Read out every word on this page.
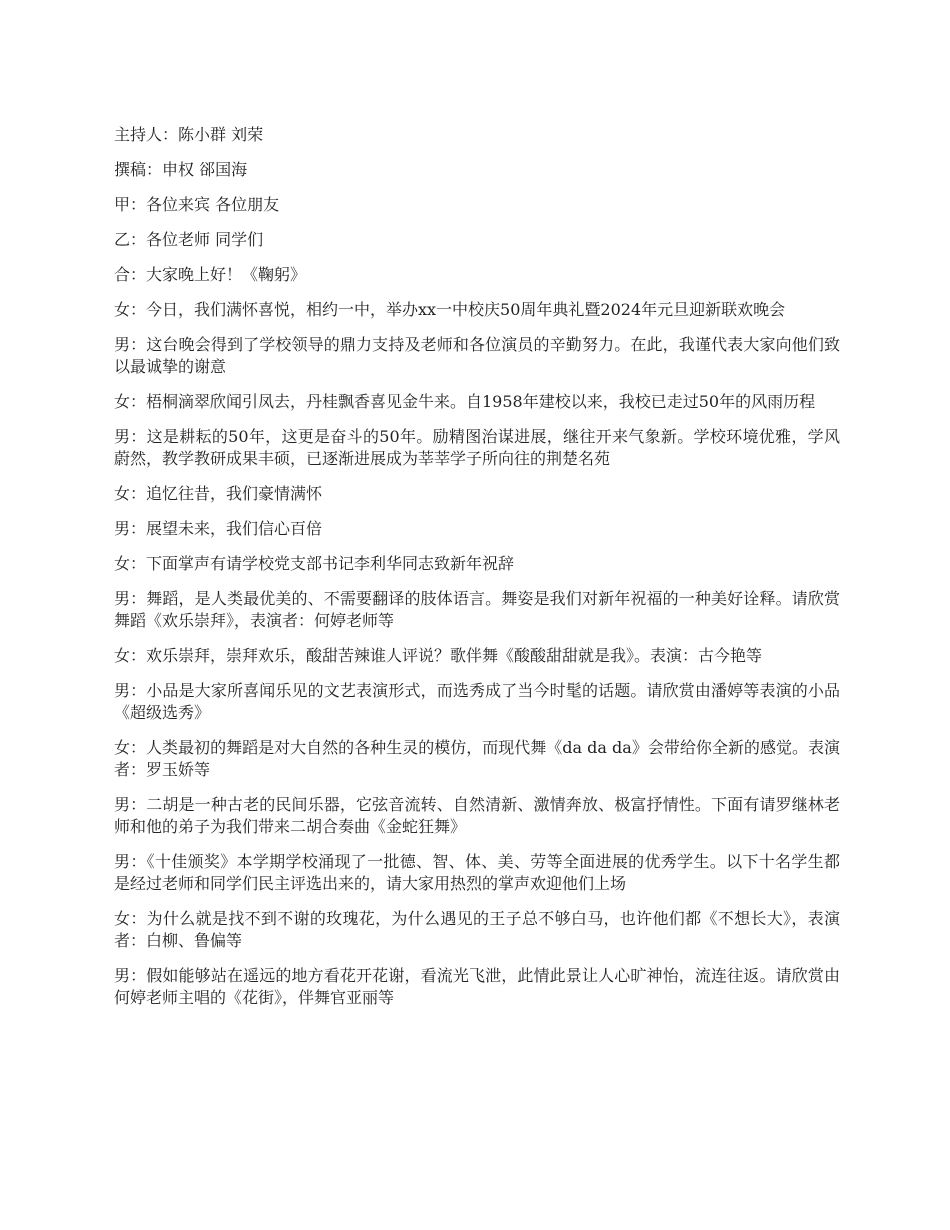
主持人：陈小群 刘荣

撰稿：申权 郤国海

甲：各位来宾 各位朋友

乙：各位老师 同学们

合：大家晚上好！《鞠躬》

女：今日，我们满怀喜悦，相约一中，举办xx一中校庆50周年典礼暨2024年元旦迎新联欢晚会

男：这台晚会得到了学校领导的鼎力支持及老师和各位演员的辛勤努力。在此，我谨代表大家向他们致以最诚挚的谢意

女：梧桐滴翠欣闻引凤去，丹桂飘香喜见金牛来。自1958年建校以来，我校已走过50年的风雨历程

男：这是耕耘的50年，这更是奋斗的50年。励精图治谋进展，继往开来气象新。学校环境优雅，学风蔚然，教学教研成果丰硕，已逐渐进展成为莘莘学子所向往的荆楚名苑

女：追忆往昔，我们豪情满怀

男：展望未来，我们信心百倍

女：下面掌声有请学校党支部书记李利华同志致新年祝辞

男：舞蹈，是人类最优美的、不需要翻译的肢体语言。舞姿是我们对新年祝福的一种美好诠释。请欣赏舞蹈《欢乐崇拜》，表演者：何婷老师等

女：欢乐崇拜，崇拜欢乐，酸甜苦辣谁人评说？歌伴舞《酸酸甜甜就是我》。表演：古今艳等

男：小品是大家所喜闻乐见的文艺表演形式，而选秀成了当今时髦的话题。请欣赏由潘婷等表演的小品《超级选秀》

女：人类最初的舞蹈是对大自然的各种生灵的模仿，而现代舞《da da da》会带给你全新的感觉。表演者：罗玉娇等

男：二胡是一种古老的民间乐器，它弦音流转、自然清新、激情奔放、极富抒情性。下面有请罗继林老师和他的弟子为我们带来二胡合奏曲《金蛇狂舞》

男：《十佳颁奖》本学期学校涌现了一批德、智、体、美、劳等全面进展的优秀学生。以下十名学生都是经过老师和同学们民主评选出来的，请大家用热烈的掌声欢迎他们上场

女：为什么就是找不到不谢的玫瑰花，为什么遇见的王子总不够白马，也许他们都《不想长大》，表演者：白柳、鲁偏等

男：假如能够站在遥远的地方看花开花谢，看流光飞泄，此情此景让人心旷神怡，流连往返。请欣赏由何婷老师主唱的《花街》，伴舞官亚丽等
